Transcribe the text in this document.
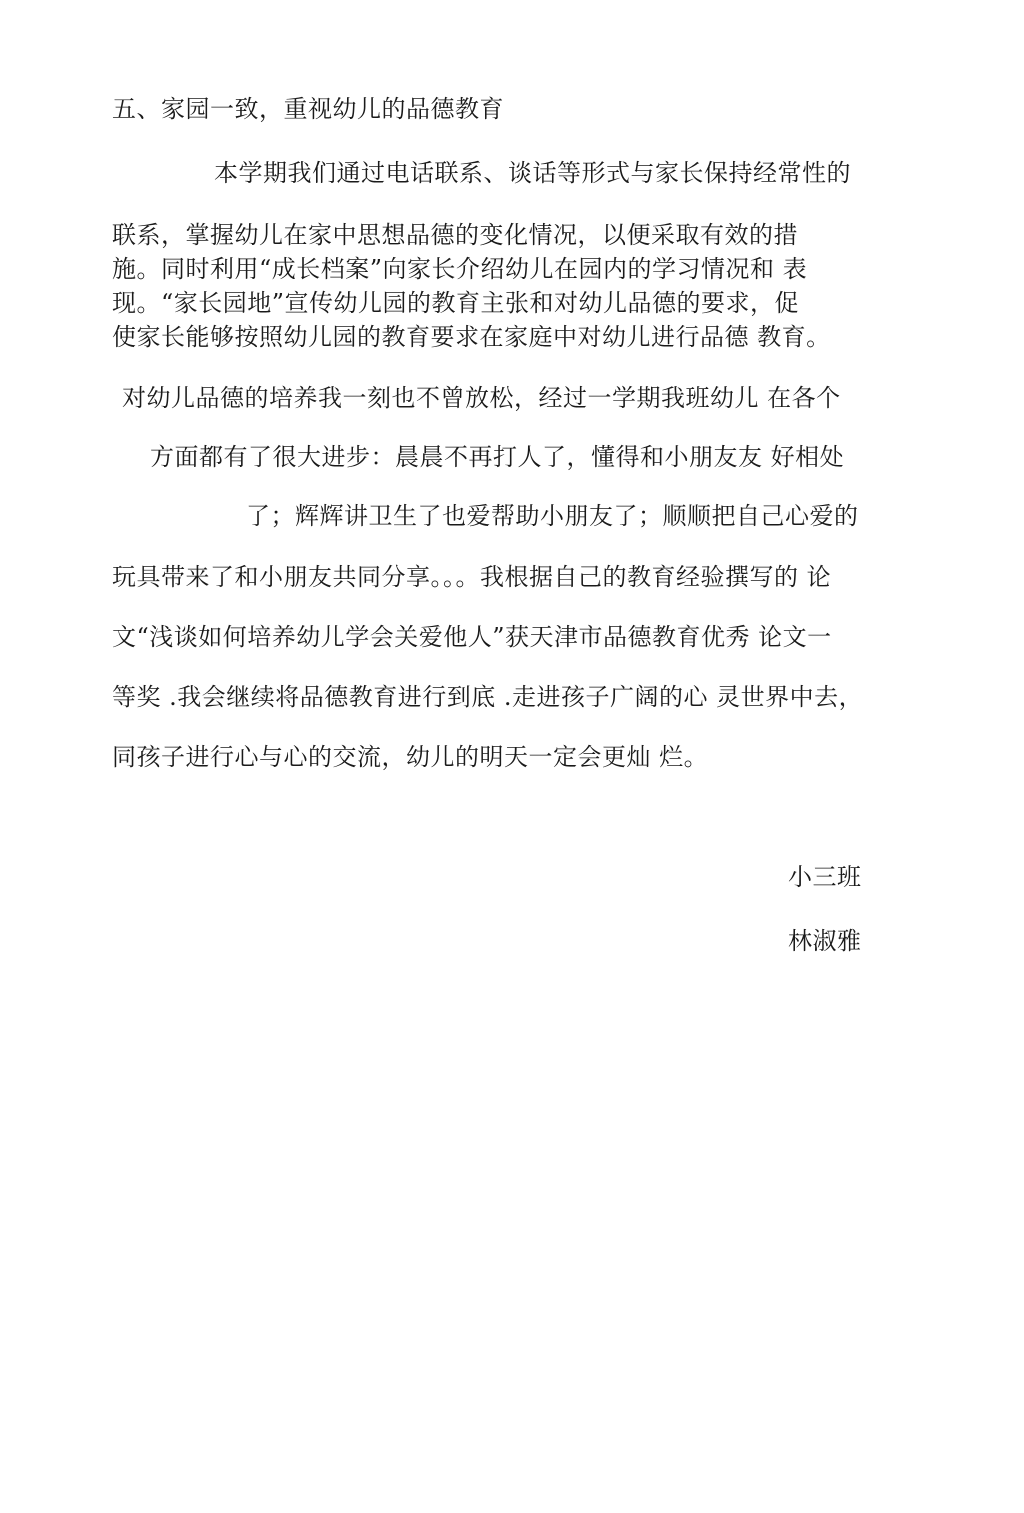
五、家园一致，重视幼儿的品德教育
本学期我们通过电话联系、谈话等形式与家长保持经常性的
联系，掌握幼儿在家中思想品德的变化情况，以便采取有效的措
施。同时利用“成长档案”向家长介绍幼儿在园内的学习情况和 表
现。“家长园地”宣传幼儿园的教育主张和对幼儿品德的要求，促
使家长能够按照幼儿园的教育要求在家庭中对幼儿进行品德 教育。
对幼儿品德的培养我一刻也不曾放松，经过一学期我班幼儿 在各个
方面都有了很大进步：晨晨不再打人了，懂得和小朋友友 好相处
了；辉辉讲卫生了也爱帮助小朋友了；顺顺把自己心爱的
玩具带来了和小朋友共同分享。。。我根据自己的教育经验撰写的 论
文“浅谈如何培养幼儿学会关爱他人”获天津市品德教育优秀 论文一
等奖 .我会继续将品德教育进行到底 .走进孩子广阔的心 灵世界中去，
同孩子进行心与心的交流，幼儿的明天一定会更灿 烂。
小三班
林淑雅
